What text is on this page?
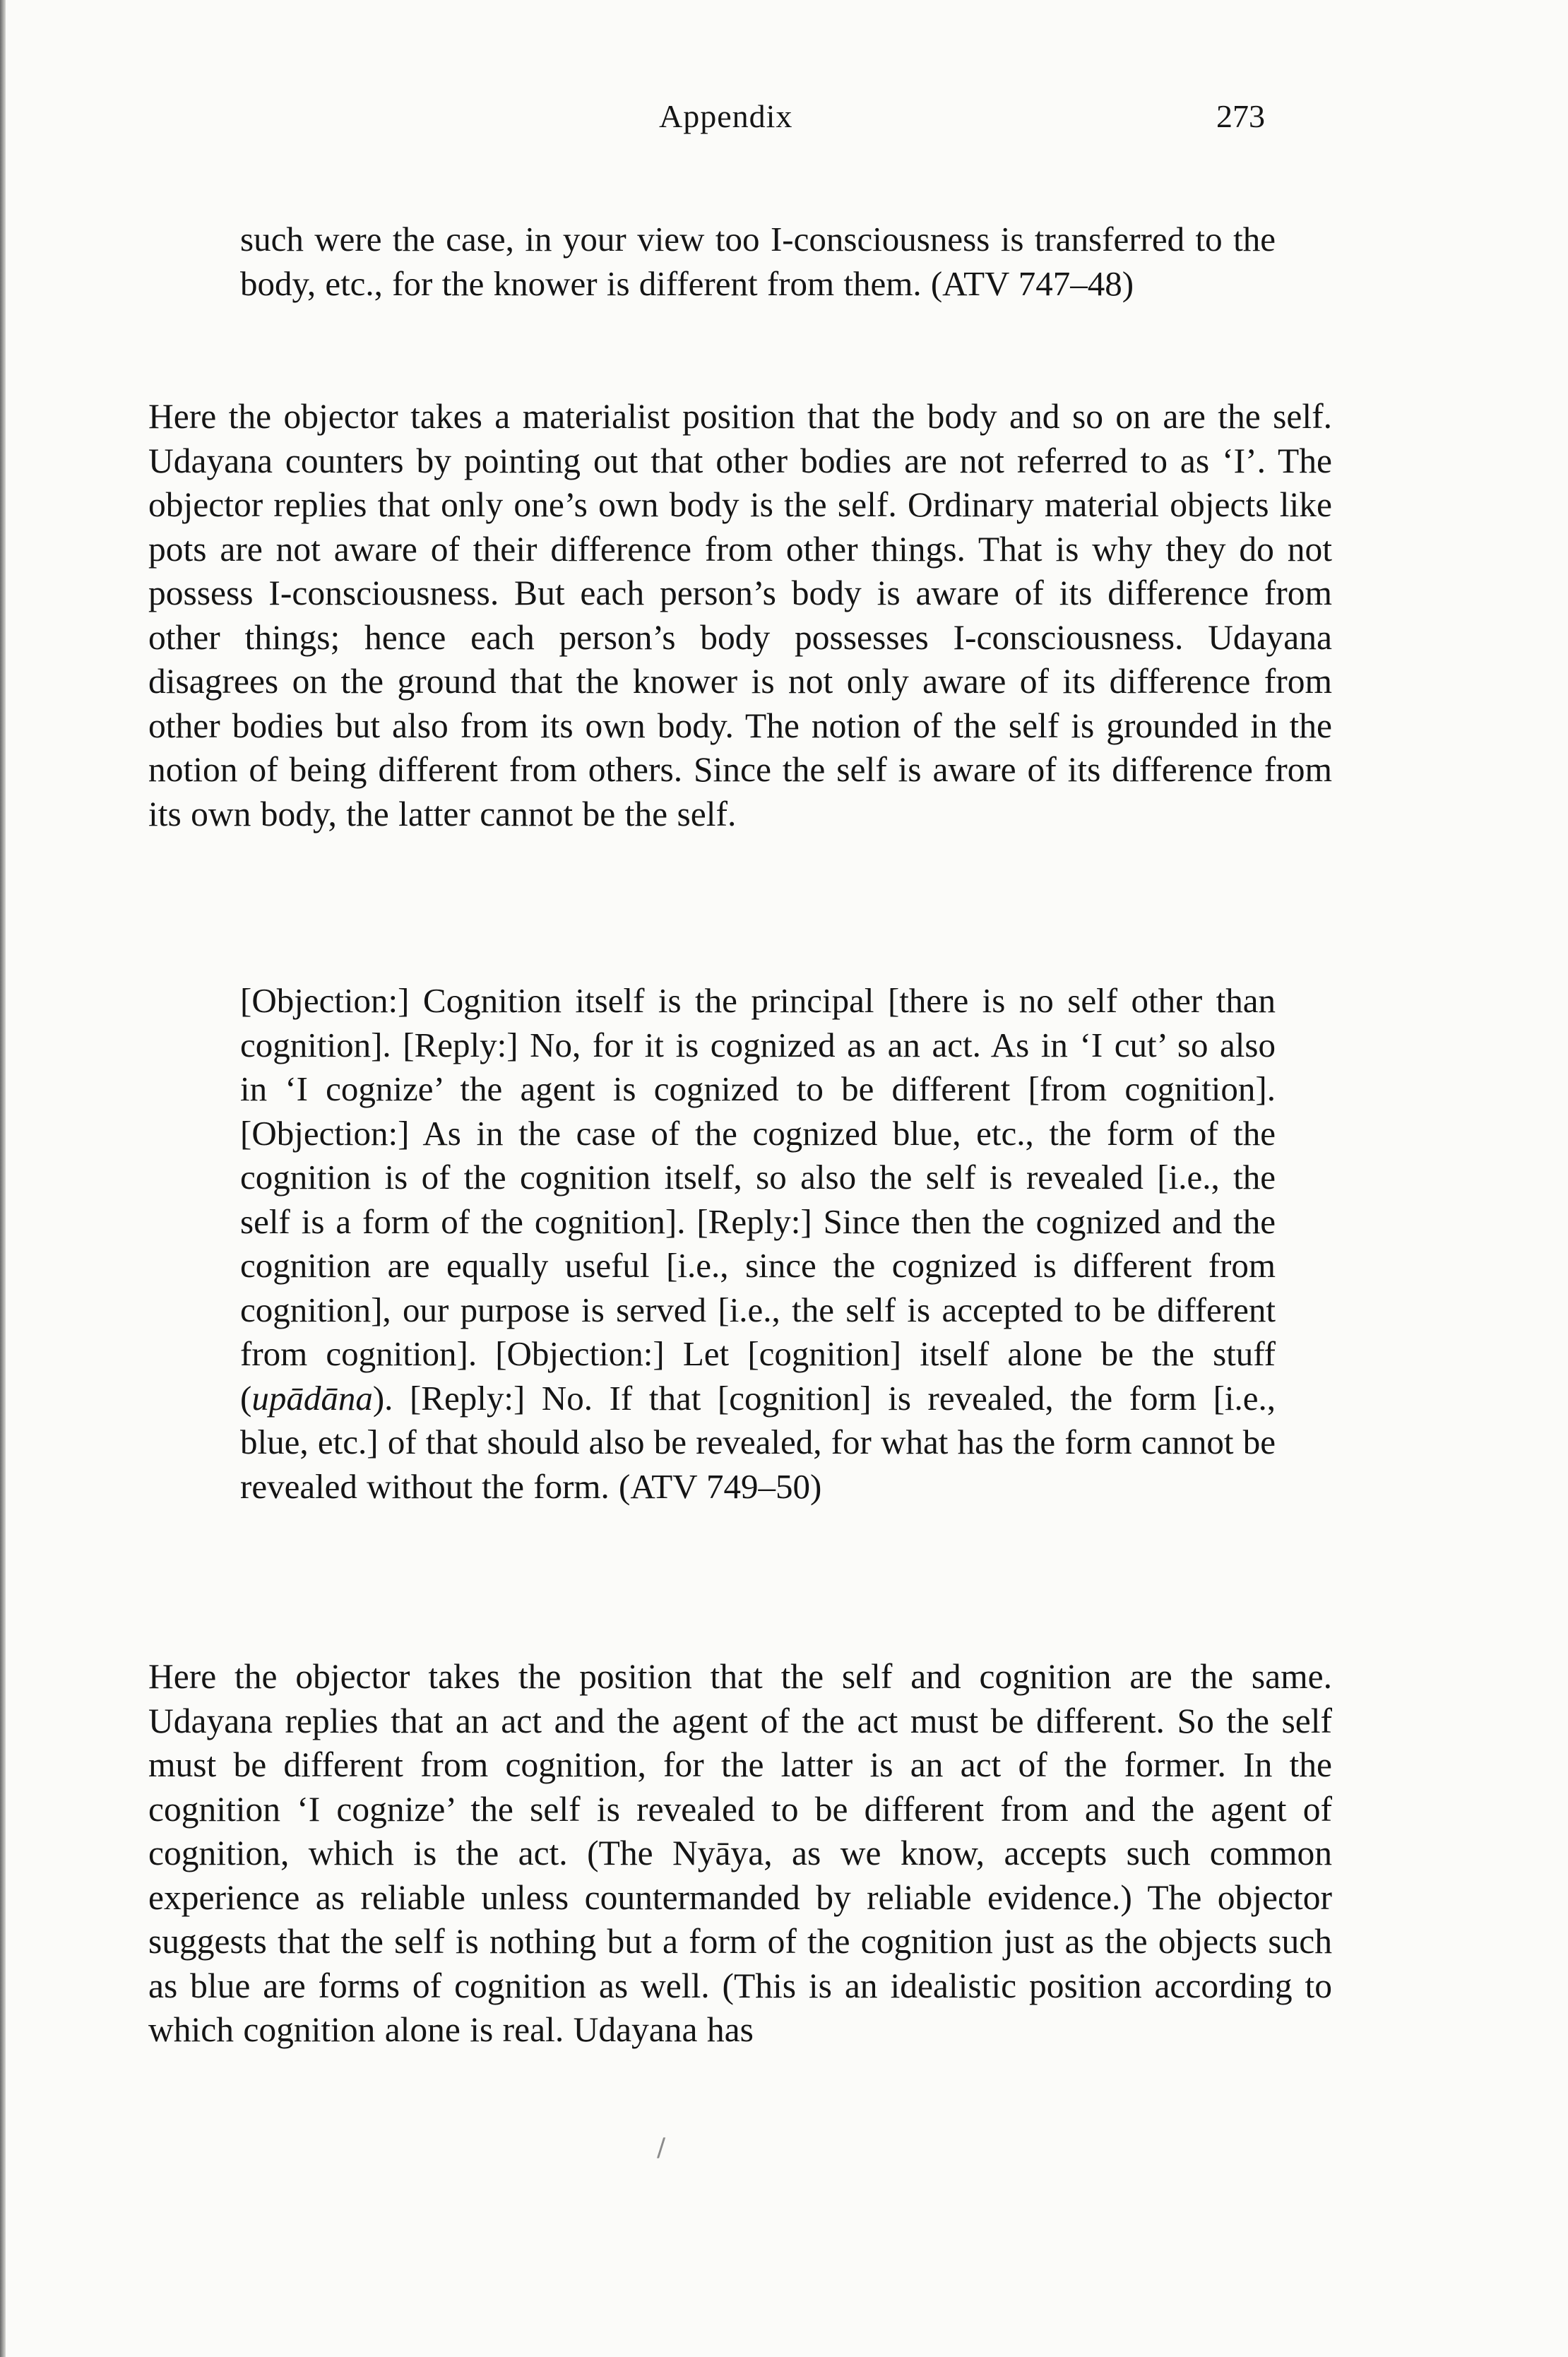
Appendix	273
such were the case, in your view too I-consciousness is transferred to the body, etc., for the knower is different from them. (ATV 747–48)
Here the objector takes a materialist position that the body and so on are the self. Udayana counters by pointing out that other bodies are not referred to as ‘I’. The objector replies that only one’s own body is the self. Ordinary material objects like pots are not aware of their difference from other things. That is why they do not possess I-consciousness. But each person’s body is aware of its difference from other things; hence each person’s body possesses I-consciousness. Udayana disagrees on the ground that the knower is not only aware of its difference from other bodies but also from its own body. The notion of the self is grounded in the notion of being different from others. Since the self is aware of its difference from its own body, the latter cannot be the self.
[Objection:] Cognition itself is the principal [there is no self other than cognition]. [Reply:] No, for it is cognized as an act. As in ‘I cut’ so also in ‘I cognize’ the agent is cognized to be different [from cognition]. [Objection:] As in the case of the cognized blue, etc., the form of the cognition is of the cognition itself, so also the self is revealed [i.e., the self is a form of the cognition]. [Reply:] Since then the cognized and the cognition are equally useful [i.e., since the cognized is different from cognition], our purpose is served [i.e., the self is accepted to be different from cognition]. [Objection:] Let [cognition] itself alone be the stuff (upādāna). [Reply:] No. If that [cognition] is revealed, the form [i.e., blue, etc.] of that should also be revealed, for what has the form cannot be revealed without the form. (ATV 749–50)
Here the objector takes the position that the self and cognition are the same. Udayana replies that an act and the agent of the act must be different. So the self must be different from cognition, for the latter is an act of the former. In the cognition ‘I cognize’ the self is revealed to be different from and the agent of cognition, which is the act. (The Nyāya, as we know, accepts such common experience as reliable unless countermanded by reliable evidence.) The objector suggests that the self is nothing but a form of the cognition just as the objects such as blue are forms of cognition as well. (This is an idealistic position according to which cognition alone is real. Udayana has
/
